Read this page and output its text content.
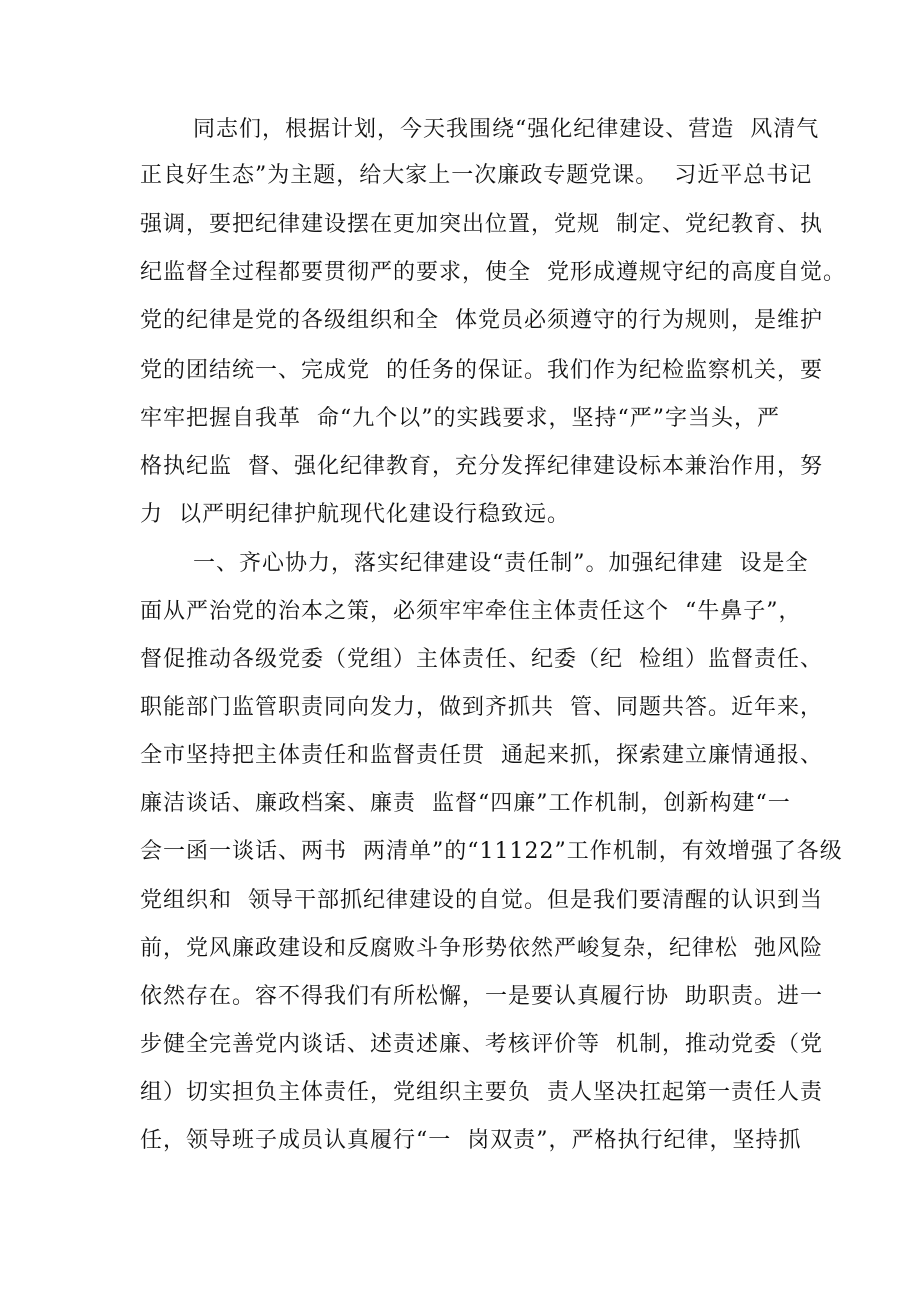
同志们，根据计划，今天我围绕“强化纪律建设、营造  风清气
正良好生态”为主题，给大家上一次廉政专题党课。  习近平总书记
强调，要把纪律建设摆在更加突出位置，党规  制定、党纪教育、执
纪监督全过程都要贯彻严的要求，使全  党形成遵规守纪的高度自觉。
党的纪律是党的各级组织和全  体党员必须遵守的行为规则，是维护
党的团结统一、完成党  的任务的保证。我们作为纪检监察机关，要
牢牢把握自我革  命“九个以”的实践要求，坚持“严”字当头，严
格执纪监  督、强化纪律教育，充分发挥纪律建设标本兼治作用，努
力  以严明纪律护航现代化建设行稳致远。
一、齐心协力，落实纪律建设“责任制”。加强纪律建  设是全
面从严治党的治本之策，必须牢牢牵住主体责任这个  “牛鼻子”，
督促推动各级党委（党组）主体责任、纪委（纪  检组）监督责任、
职能部门监管职责同向发力，做到齐抓共  管、同题共答。近年来，
全市坚持把主体责任和监督责任贯  通起来抓，探索建立廉情通报、
廉洁谈话、廉政档案、廉责  监督“四廉”工作机制，创新构建“一
会一函一谈话、两书  两清单”的“11122”工作机制，有效增强了各级
党组织和  领导干部抓纪律建设的自觉。但是我们要清醒的认识到当
前，党风廉政建设和反腐败斗争形势依然严峻复杂，纪律松  弛风险
依然存在。容不得我们有所松懈，一是要认真履行协  助职责。进一
步健全完善党内谈话、述责述廉、考核评价等  机制，推动党委（党
组）切实担负主体责任，党组织主要负  责人坚决扛起第一责任人责
任，领导班子成员认真履行“一  岗双责”，严格执行纪律，坚持抓
